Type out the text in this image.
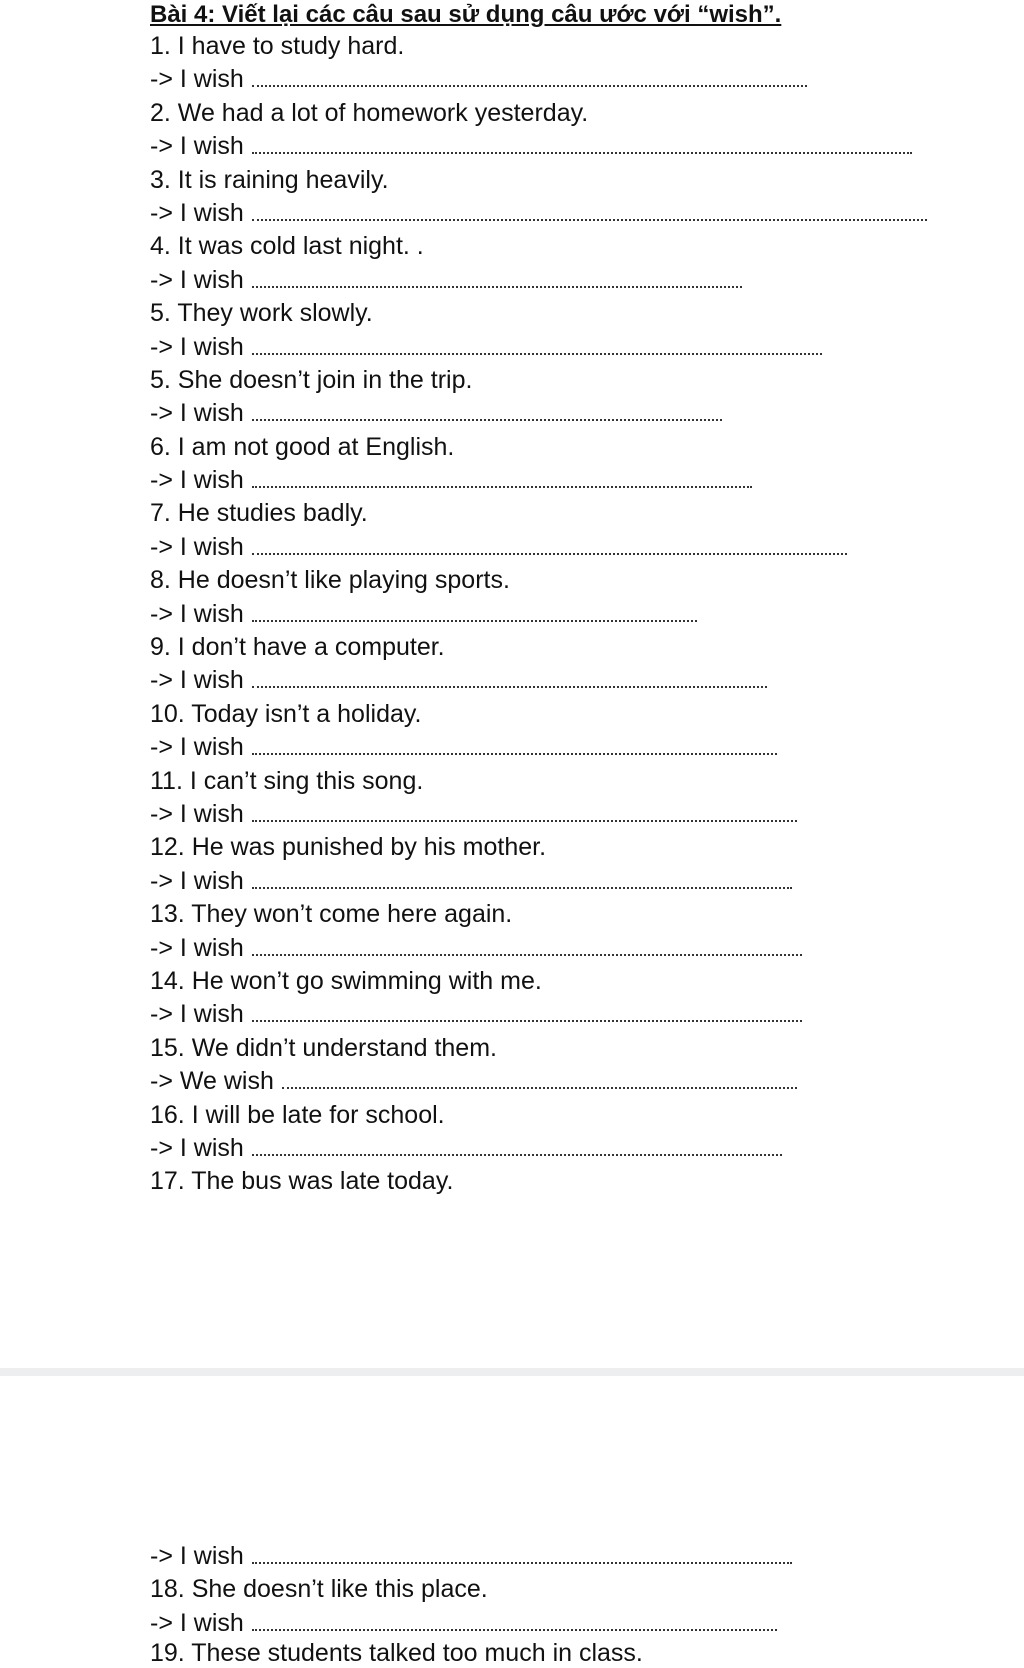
Bài 4: Viết lại các câu sau sử dụng câu ước với “wish”.
1. I have to study hard.
-> I wish
2. We had a lot of homework yesterday.
-> I wish
3. It is raining heavily.
-> I wish
4. It was cold last night. .
-> I wish
5. They work slowly.
-> I wish
5. She doesn’t join in the trip.
-> I wish
6. I am not good at English.
-> I wish
7. He studies badly.
-> I wish
8. He doesn’t like playing sports.
-> I wish
9. I don’t have a computer.
-> I wish
10. Today isn’t a holiday.
-> I wish
11. I can’t sing this song.
-> I wish
12. He was punished by his mother.
-> I wish
13. They won’t come here again.
-> I wish
14. He won’t go swimming with me.
-> I wish
15. We didn’t understand them.
-> We wish
16. I will be late for school.
-> I wish
17. The bus was late today.
-> I wish
18. She doesn’t like this place.
-> I wish
19. These students talked too much in class.
